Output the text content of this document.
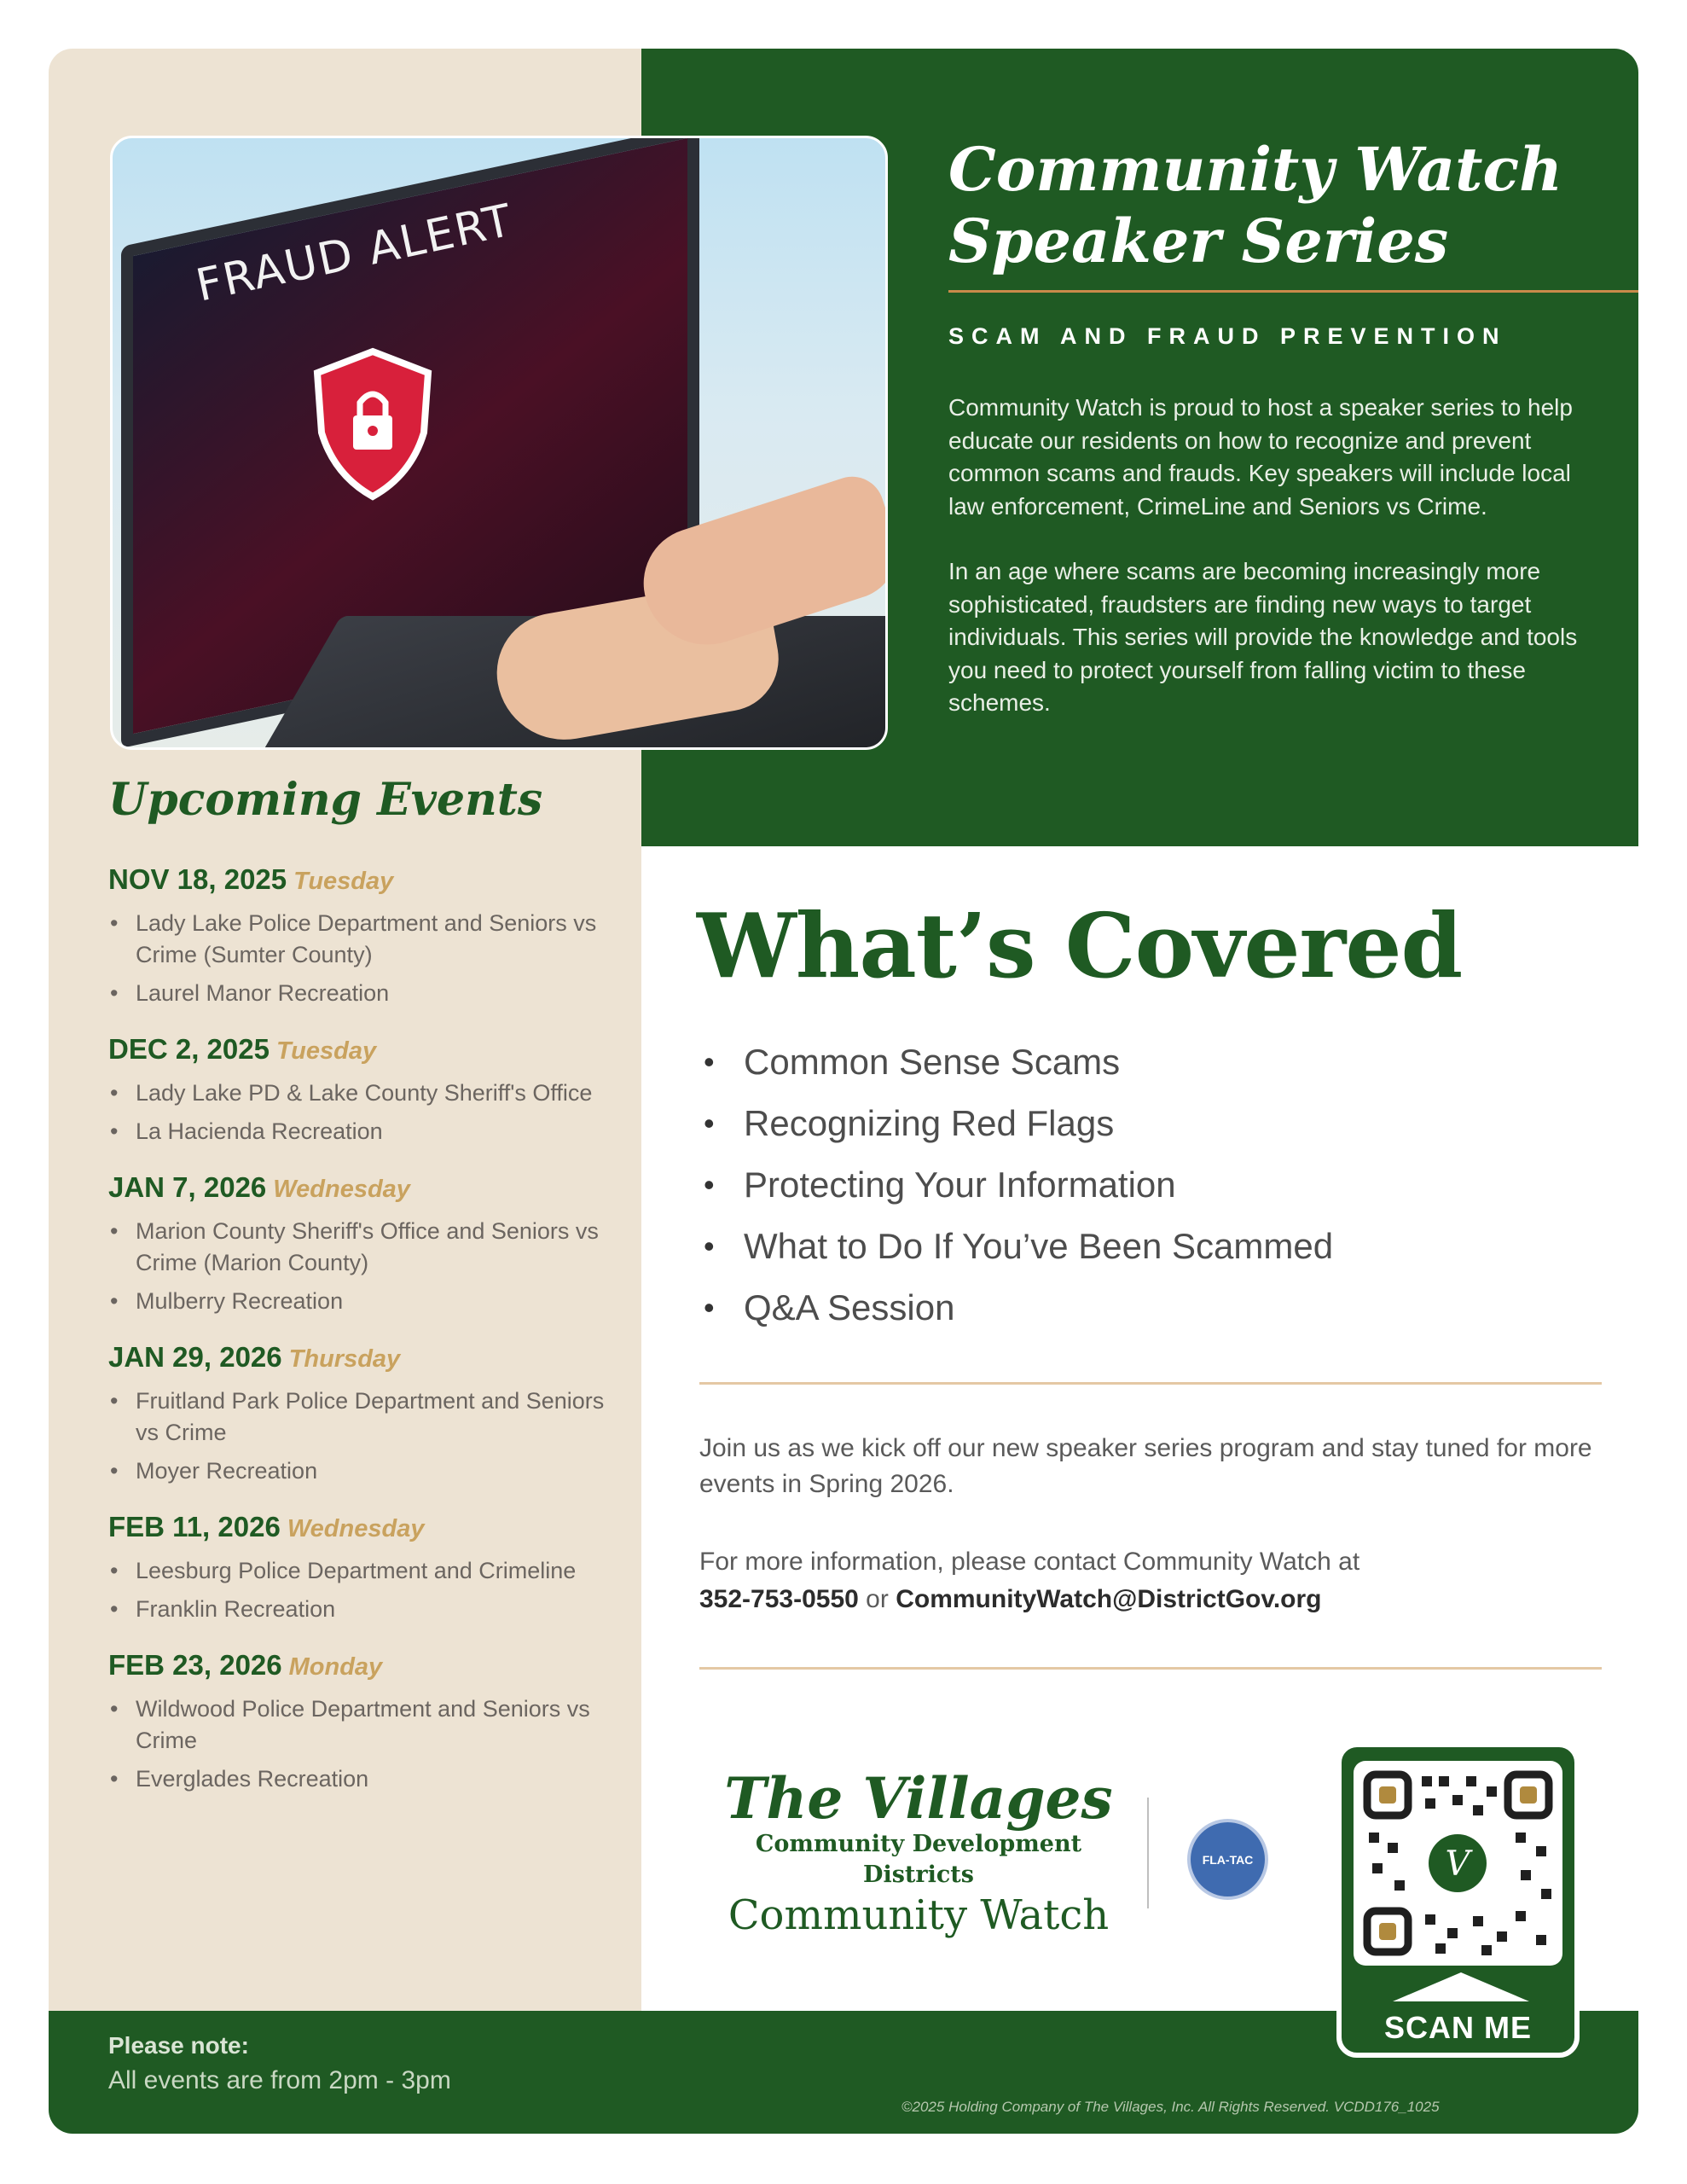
FRAUD ALERT
Community Watch
Speaker Series
SCAM AND FRAUD PREVENTION

Community Watch is proud to host a speaker series to help educate our residents on how to recognize and prevent common scams and frauds. Key speakers will include local law enforcement, CrimeLine and Seniors vs Crime.

In an age where scams are becoming increasingly more sophisticated, fraudsters are finding new ways to target individuals. This series will provide the knowledge and tools you need to protect yourself from falling victim to these schemes.

Upcoming Events
NOV 18, 2025 Tuesday
• Lady Lake Police Department and Seniors vs Crime (Sumter County)
• Laurel Manor Recreation
DEC 2, 2025 Tuesday
• Lady Lake PD & Lake County Sheriff's Office
• La Hacienda Recreation
JAN 7, 2026 Wednesday
• Marion County Sheriff's Office and Seniors vs Crime (Marion County)
• Mulberry Recreation
JAN 29, 2026 Thursday
• Fruitland Park Police Department and Seniors vs Crime
• Moyer Recreation
FEB 11, 2026 Wednesday
• Leesburg Police Department and Crimeline
• Franklin Recreation
FEB 23, 2026 Monday
• Wildwood Police Department and Seniors vs Crime
• Everglades Recreation
What’s Covered
• Common Sense Scams
• Recognizing Red Flags
• Protecting Your Information
• What to Do If You’ve Been Scammed
• Q&A Session
Join us as we kick off our new speaker series program and stay tuned for more events in Spring 2026.
For more information, please contact Community Watch at
352-753-0550 or CommunityWatch@DistrictGov.org
The Villages
Community Development Districts
Community Watch
FLA-TAC	V
SCAN ME
Please note:
All events are from 2pm - 3pm
©2025 Holding Company of The Villages, Inc. All Rights Reserved. VCDD176_1025
